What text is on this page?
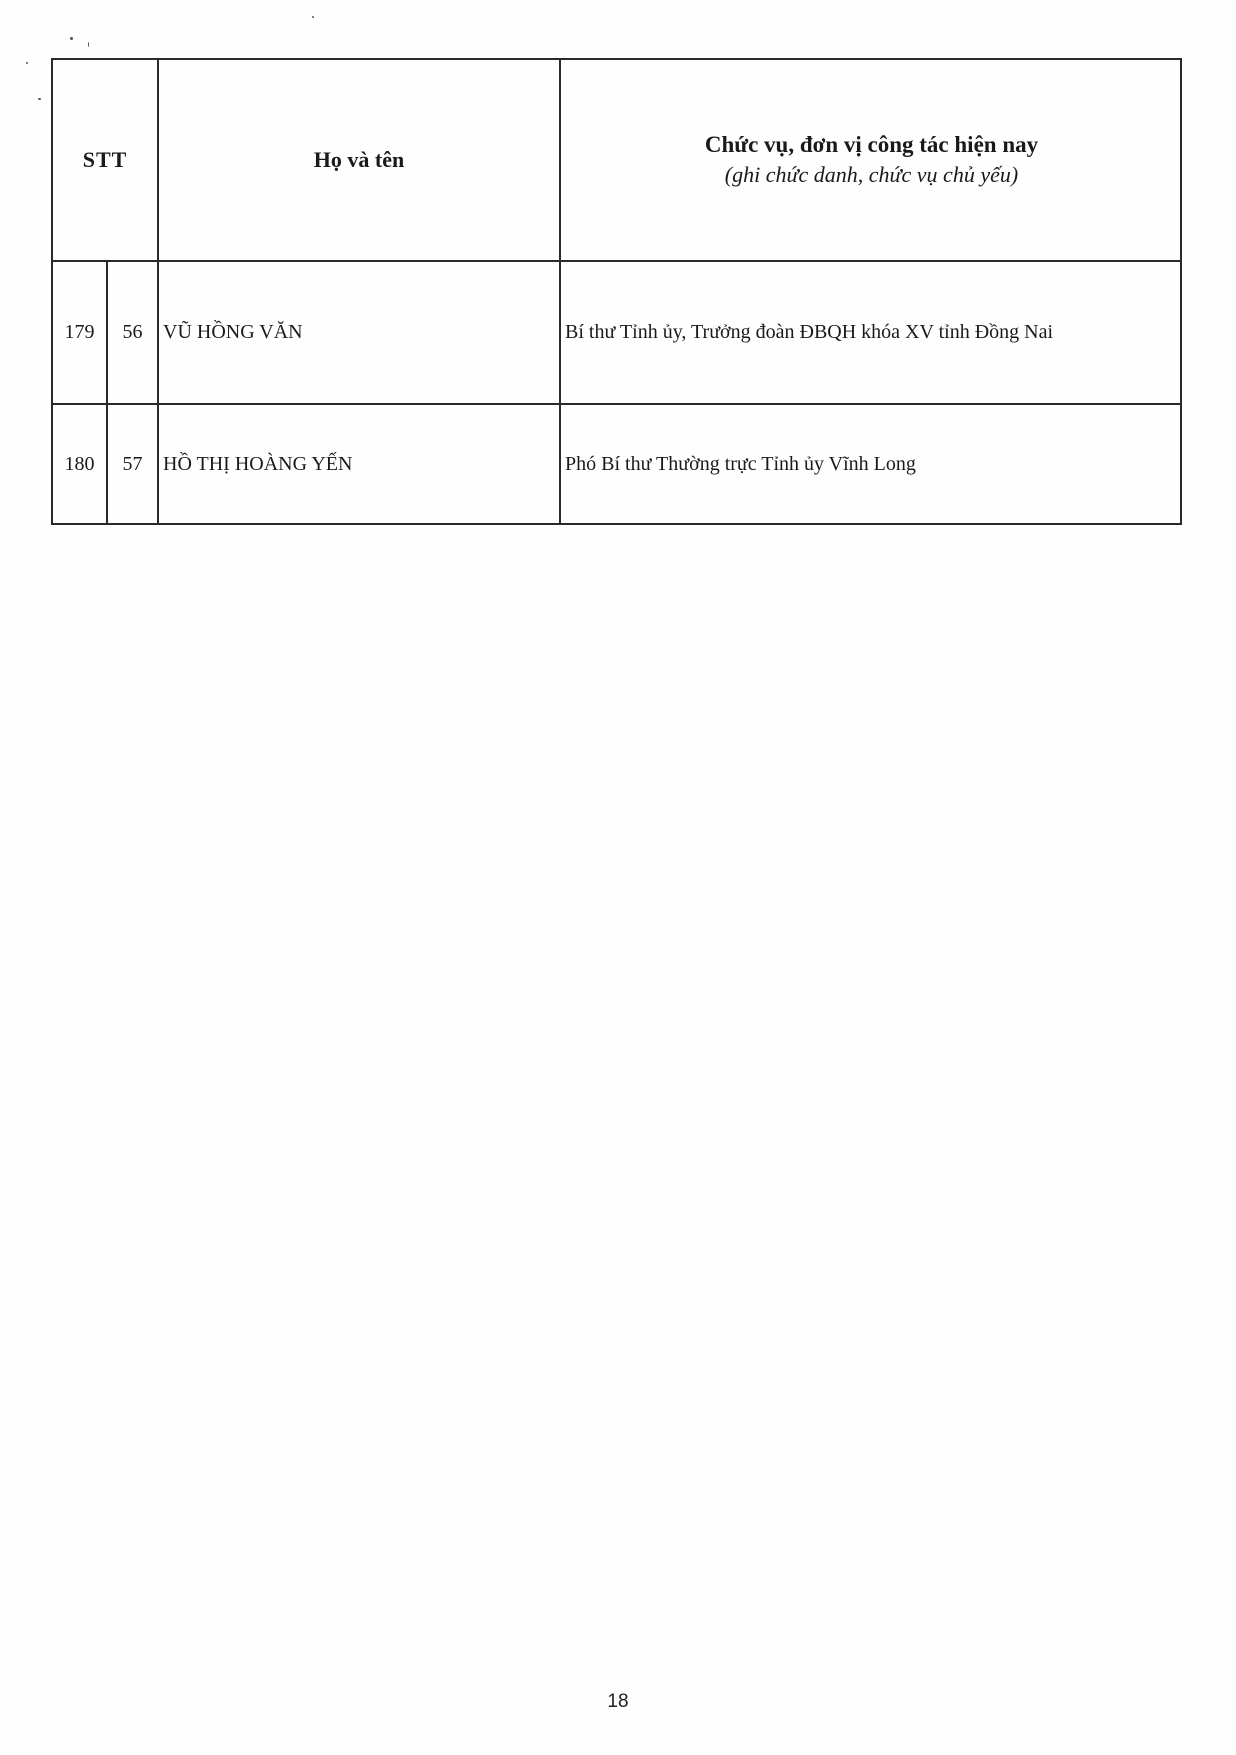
STT	Họ và tên
Chức vụ, đơn vị công tác hiện nay
(ghi chức danh, chức vụ chủ yếu)
179	56	VŨ HỒNG VĂN	Bí thư Tỉnh ủy, Trưởng đoàn ĐBQH khóa XV tỉnh Đồng Nai
180	57	HỒ THỊ HOÀNG YẾN	Phó Bí thư Thường trực Tỉnh ủy Vĩnh Long
18
